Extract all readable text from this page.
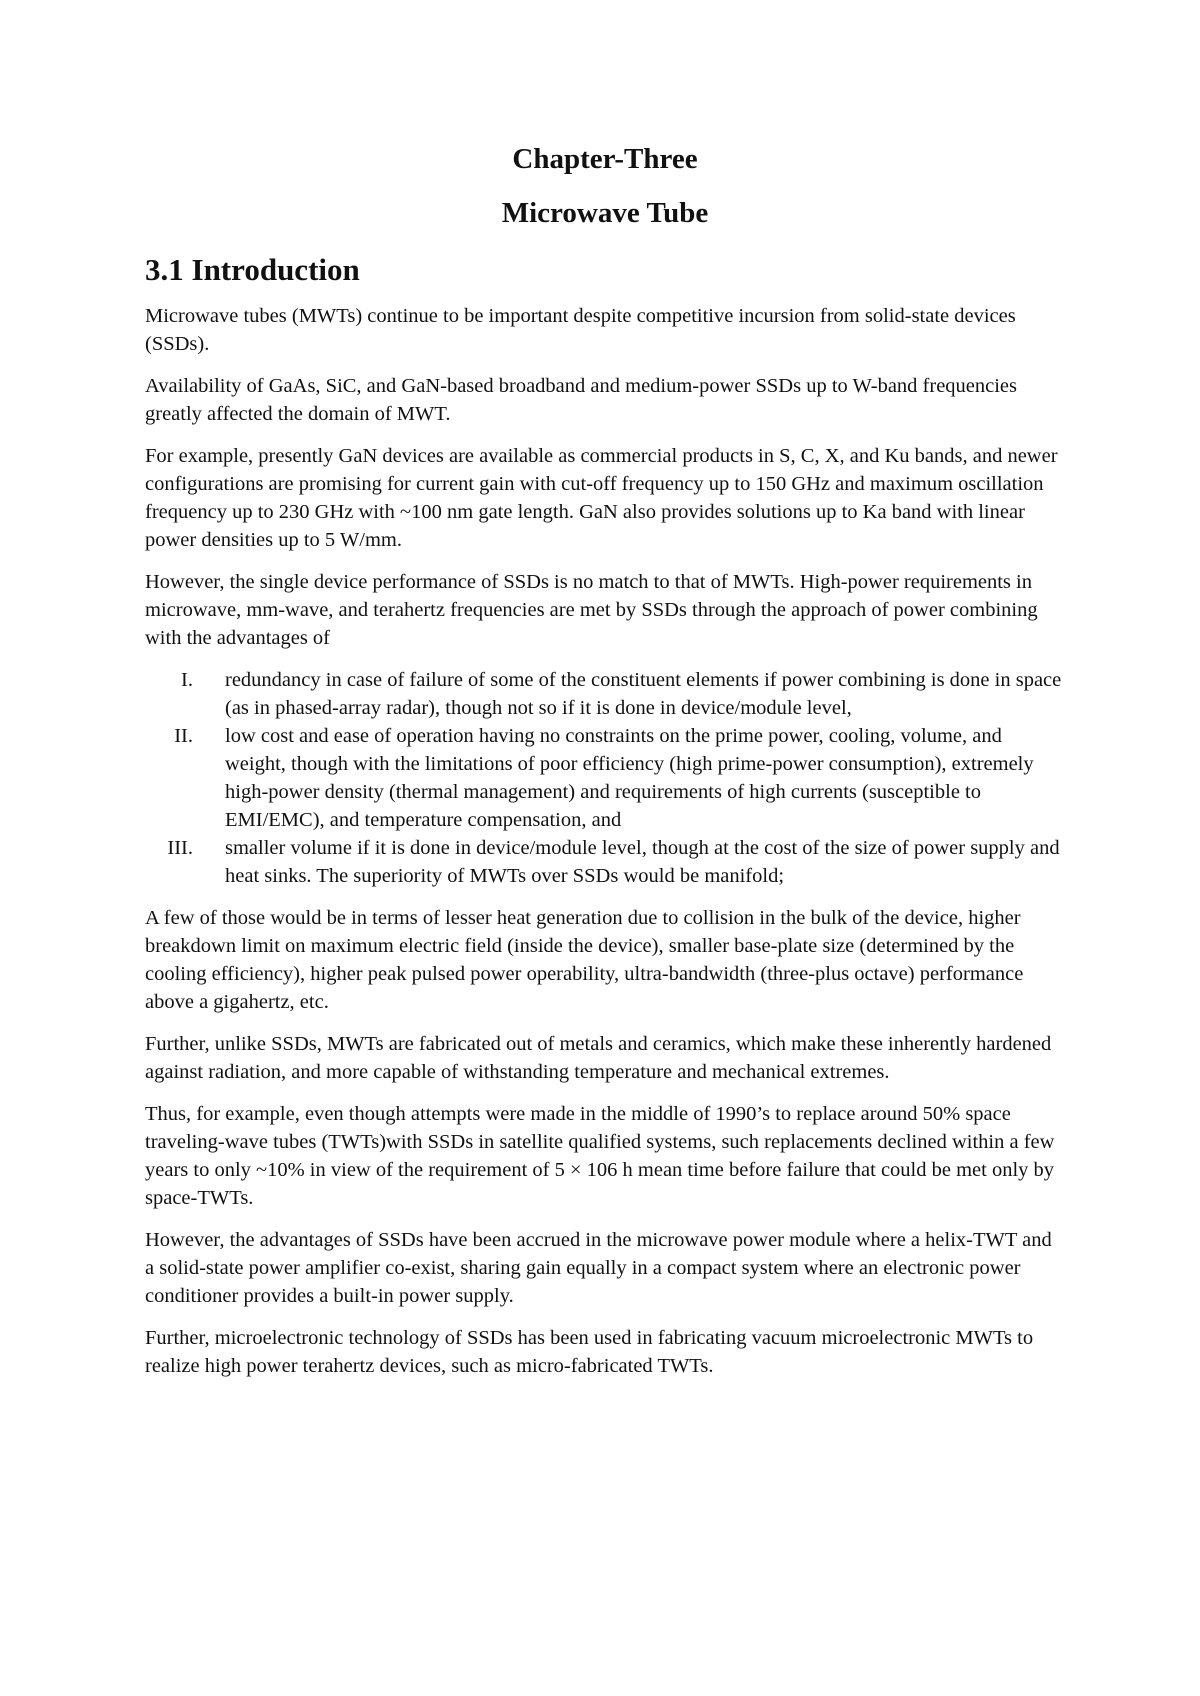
Chapter-Three
Microwave Tube
3.1 Introduction

Microwave tubes (MWTs) continue to be important despite competitive incursion from solid-state devices (SSDs).

Availability of GaAs, SiC, and GaN-based broadband and medium-power SSDs up to W-band frequencies greatly affected the domain of MWT.

For example, presently GaN devices are available as commercial products in S, C, X, and Ku bands, and newer configurations are promising for current gain with cut-off frequency up to 150 GHz and maximum oscillation frequency up to 230 GHz with ~100 nm gate length. GaN also provides solutions up to Ka band with linear power densities up to 5 W/mm.

However, the single device performance of SSDs is no match to that of MWTs. High-power requirements in microwave, mm-wave, and terahertz frequencies are met by SSDs through the approach of power combining with the advantages of

I. redundancy in case of failure of some of the constituent elements if power combining is done in space (as in phased-array radar), though not so if it is done in device/module level,
II. low cost and ease of operation having no constraints on the prime power, cooling, volume, and weight, though with the limitations of poor efficiency (high prime-power consumption), extremely high-power density (thermal management) and requirements of high currents (susceptible to EMI/EMC), and temperature compensation, and
III. smaller volume if it is done in device/module level, though at the cost of the size of power supply and heat sinks. The superiority of MWTs over SSDs would be manifold;

A few of those would be in terms of lesser heat generation due to collision in the bulk of the device, higher breakdown limit on maximum electric field (inside the device), smaller base-plate size (determined by the cooling efficiency), higher peak pulsed power operability, ultra-bandwidth (three-plus octave) performance above a gigahertz, etc.

Further, unlike SSDs, MWTs are fabricated out of metals and ceramics, which make these inherently hardened against radiation, and more capable of withstanding temperature and mechanical extremes.

Thus, for example, even though attempts were made in the middle of 1990’s to replace around 50% space traveling-wave tubes (TWTs)with SSDs in satellite qualified systems, such replacements declined within a few years to only ~10% in view of the requirement of 5 × 106 h mean time before failure that could be met only by space-TWTs.

However, the advantages of SSDs have been accrued in the microwave power module where a helix-TWT and a solid-state power amplifier co-exist, sharing gain equally in a compact system where an electronic power conditioner provides a built-in power supply.

Further, microelectronic technology of SSDs has been used in fabricating vacuum microelectronic MWTs to realize high power terahertz devices, such as micro-fabricated TWTs.
